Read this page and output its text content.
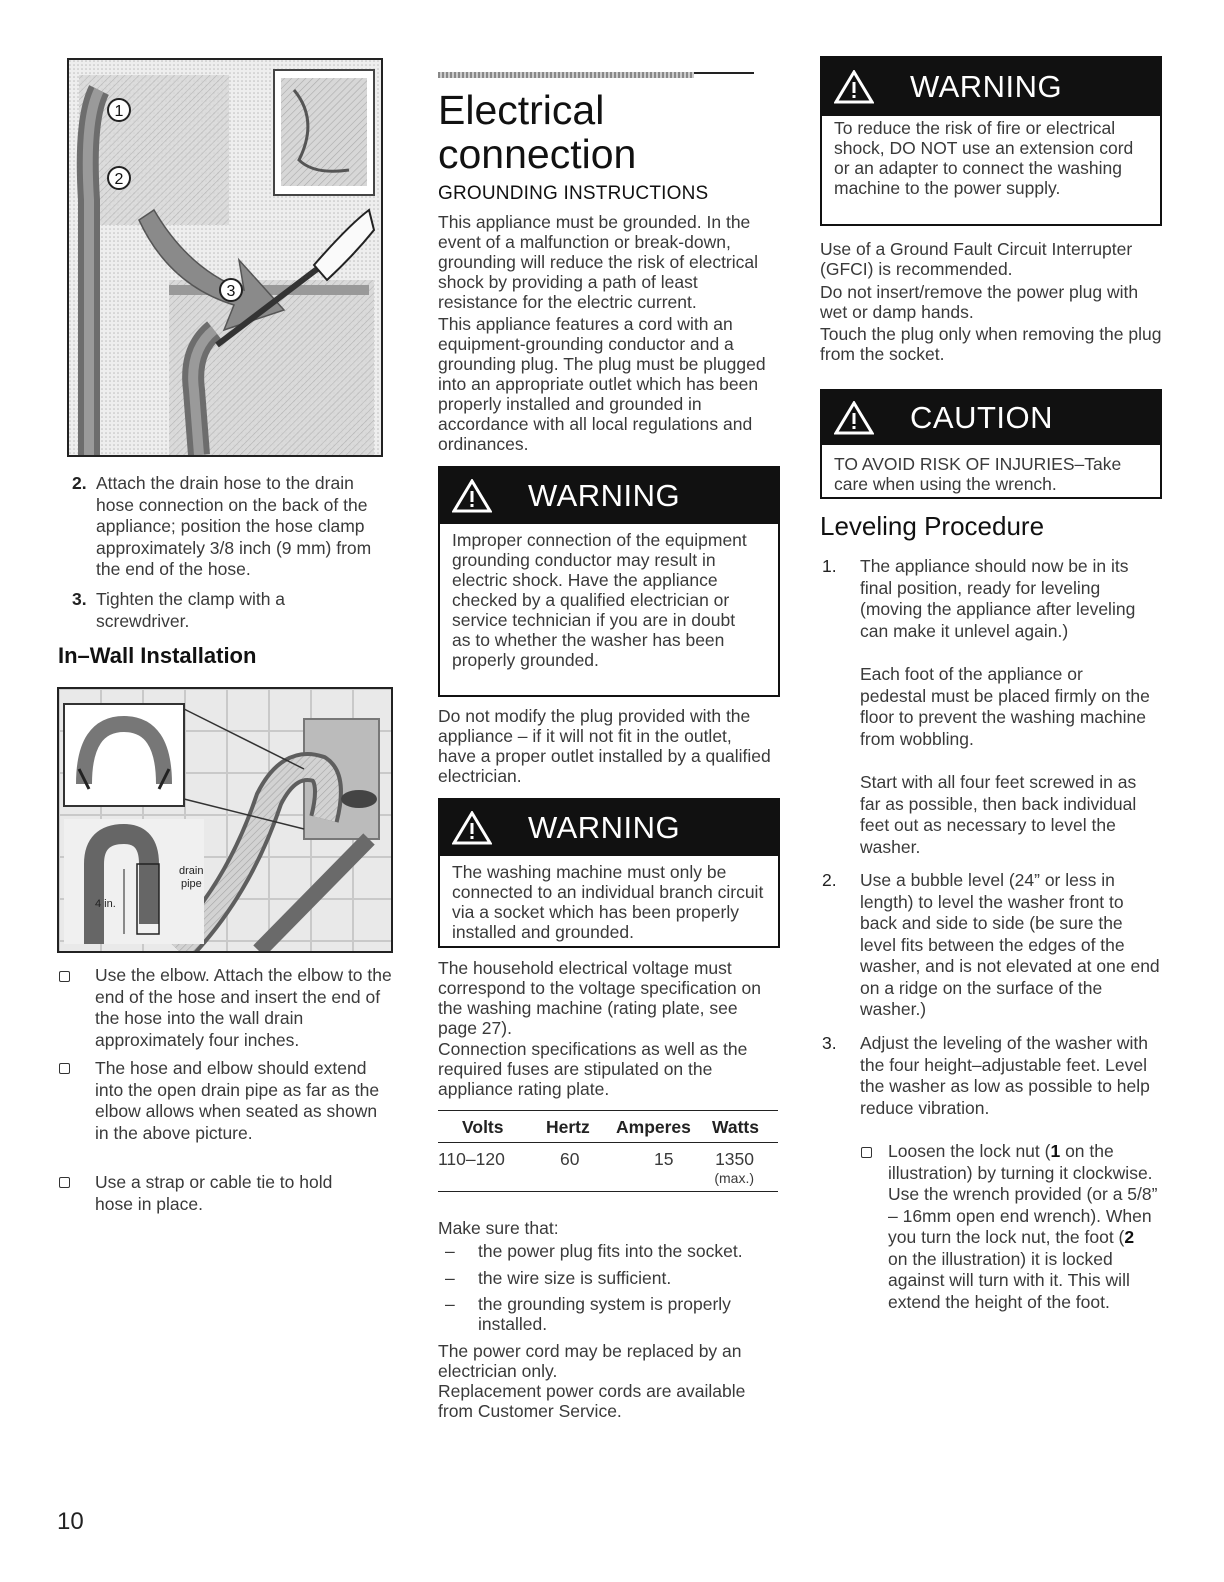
1
2
3
2. Attach the drain hose to the drain hose connection on the back of the appliance; position the hose clamp approximately 3/8 inch (9 mm) from the end of the hose.
3. Tighten the clamp with a screwdriver.
In–Wall Installation
drain
pipe
4 in.
Use the elbow. Attach the elbow to the end of the hose and insert the end of the hose into the wall drain approximately four inches.
The hose and elbow should extend into the open drain pipe as far as the elbow allows when seated as shown in the above picture.
Use a strap or cable tie to hold hose in place.
10
Electrical
connection
GROUNDING INSTRUCTIONS
This appliance must be grounded. In the event of a malfunction or break-down, grounding will reduce the risk of electrical shock by providing a path of least resistance for the electric current.
This appliance features a cord with an equipment-grounding conductor and a grounding plug. The plug must be plugged into an appropriate outlet which has been properly installed and grounded in accordance with all local regulations and ordinances.
WARNING
Improper connection of the equipment grounding conductor may result in electric shock. Have the appliance checked by a qualified electrician or service technician if you are in doubt as to whether the washer has been properly grounded.
Do not modify the plug provided with the appliance – if it will not fit in the outlet, have a proper outlet installed by a qualified electrician.
WARNING
The washing machine must only be connected to an individual branch circuit via a socket which has been properly installed and grounded.
The household electrical voltage must correspond to the voltage specification on the washing machine (rating plate, see page 27).
Connection specifications as well as the required fuses are stipulated on the appliance rating plate.
Volts	Hertz	Amperes	Watts
110–120	60	15	1350
(max.)
Make sure that:
–	the power plug fits into the socket.
–	the wire size is sufficient.
–	the grounding system is properly installed.
The power cord may be replaced by an electrician only.
Replacement power cords are available from Customer Service.
WARNING
To reduce the risk of fire or electrical shock, DO NOT use an extension cord or an adapter to connect the washing machine to the power supply.
Use of a Ground Fault Circuit Interrupter (GFCI) is recommended.
Do not insert/remove the power plug with wet or damp hands.
Touch the plug only when removing the plug from the socket.
CAUTION
TO AVOID RISK OF INJURIES–Take care when using the wrench.
Leveling Procedure
1. The appliance should now be in its final position, ready for leveling (moving the appliance after leveling can make it unlevel again.)
Each foot of the appliance or pedestal must be placed firmly on the floor to prevent the washing machine from wobbling.
Start with all four feet screwed in as far as possible, then back individual feet out as necessary to level the washer.
2. Use a bubble level (24” or less in length) to level the washer front to back and side to side (be sure the level fits between the edges of the washer, and is not elevated at one end on a ridge on the surface of the washer.)
3. Adjust the leveling of the washer with the four height–adjustable feet. Level the washer as low as possible to help reduce vibration.
Loosen the lock nut (1 on the illustration) by turning it clockwise. Use the wrench provided (or a 5/8” – 16mm open end wrench). When you turn the lock nut, the foot (2 on the illustration) it is locked against will turn with it. This will extend the height of the foot.
